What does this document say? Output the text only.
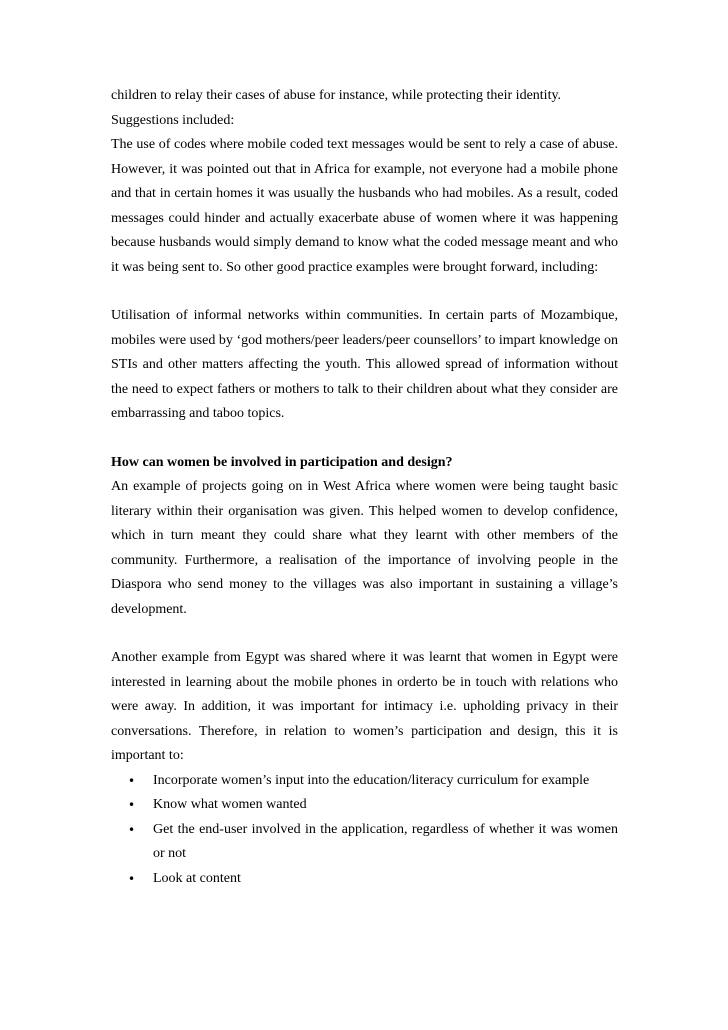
children to relay their cases of abuse for instance, while protecting their identity.

Suggestions included:

The use of codes where mobile coded text messages would be sent to rely a case of abuse. However, it was pointed out that in Africa for example, not everyone had a mobile phone and that in certain homes it was usually the husbands who had mobiles. As a result, coded messages could hinder and actually exacerbate abuse of women where it was happening because husbands would simply demand to know what the coded message meant and who it was being sent to. So other good practice examples were brought forward, including:

Utilisation of informal networks within communities. In certain parts of Mozambique, mobiles were used by ‘god mothers/peer leaders/peer counsellors’ to impart knowledge on STIs and other matters affecting the youth. This allowed spread of information without the need to expect fathers or mothers to talk to their children about what they consider are embarrassing and taboo topics.

How can women be involved in participation and design?

An example of projects going on in West Africa where women were being taught basic literary within their organisation was given. This helped women to develop confidence, which in turn meant they could share what they learnt with other members of the community. Furthermore, a realisation of the importance of involving people in the Diaspora who send money to the villages was also important in sustaining a village’s development.

Another example from Egypt was shared where it was learnt that women in Egypt were interested in learning about the mobile phones in orderto be in touch with relations who were away. In addition, it was important for intimacy i.e. upholding privacy in their conversations. Therefore, in relation to women’s participation and design, this it is important to:

• Incorporate women’s input into the education/literacy curriculum for example
• Know what women wanted
• Get the end-user involved in the application, regardless of whether it was women or not
• Look at content
